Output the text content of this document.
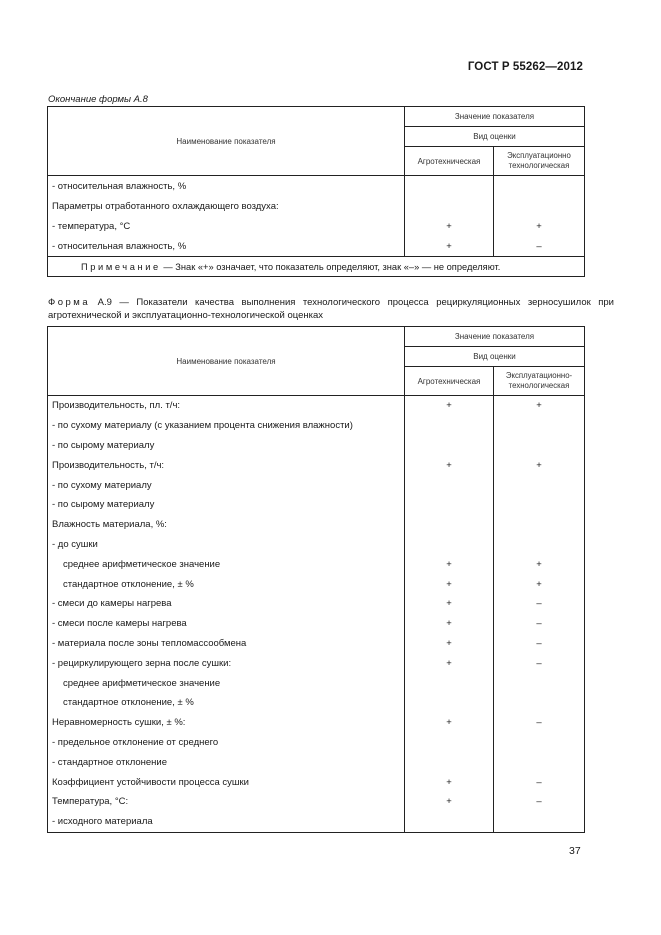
ГОСТ Р 55262—2012
Окончание формы А.8
Наименование показателя	Значение показателя	
	Вид оценки	
	Агротехническая	Эксплуатационно
технологическая
- относительная влажность, %		
Параметры отработанного охлаждающего воздуха:		
- температура, °С	+	+
- относительная влажность, %	+	–
Примечание — Знак «+» означает, что показатель определяют, знак «–» — не определяют.		
Форма А.9 — Показатели качества выполнения технологического процесса рециркуляционных зерносушилок при агротехнической и эксплуатационно-технологической оценках
Наименование показателя	Значение показателя	
	Вид оценки	
	Агротехническая	Эксплуатационно-
технологическая
Производительность, пл. т/ч:	+	+
- по сухому материалу (с указанием процента снижения влажности)		
- по сырому материалу		
Производительность, т/ч:	+	+
- по сухому материалу		
- по сырому материалу		
Влажность материала, %:		
- до сушки		
среднее арифметическое значение	+	+
стандартное отклонение, ± %	+	+
- смеси до камеры нагрева	+	–
- смеси после камеры нагрева	+	–
- материала после зоны тепломассообмена	+	–
- рециркулирующего зерна после сушки:	+	–
среднее арифметическое значение		
стандартное отклонение, ± %		
Неравномерность сушки, ± %:	+	–
- предельное отклонение от среднего		
- стандартное отклонение		
Коэффициент устойчивости процесса сушки	+	–
Температура, °С:	+	–
- исходного материала		
37
